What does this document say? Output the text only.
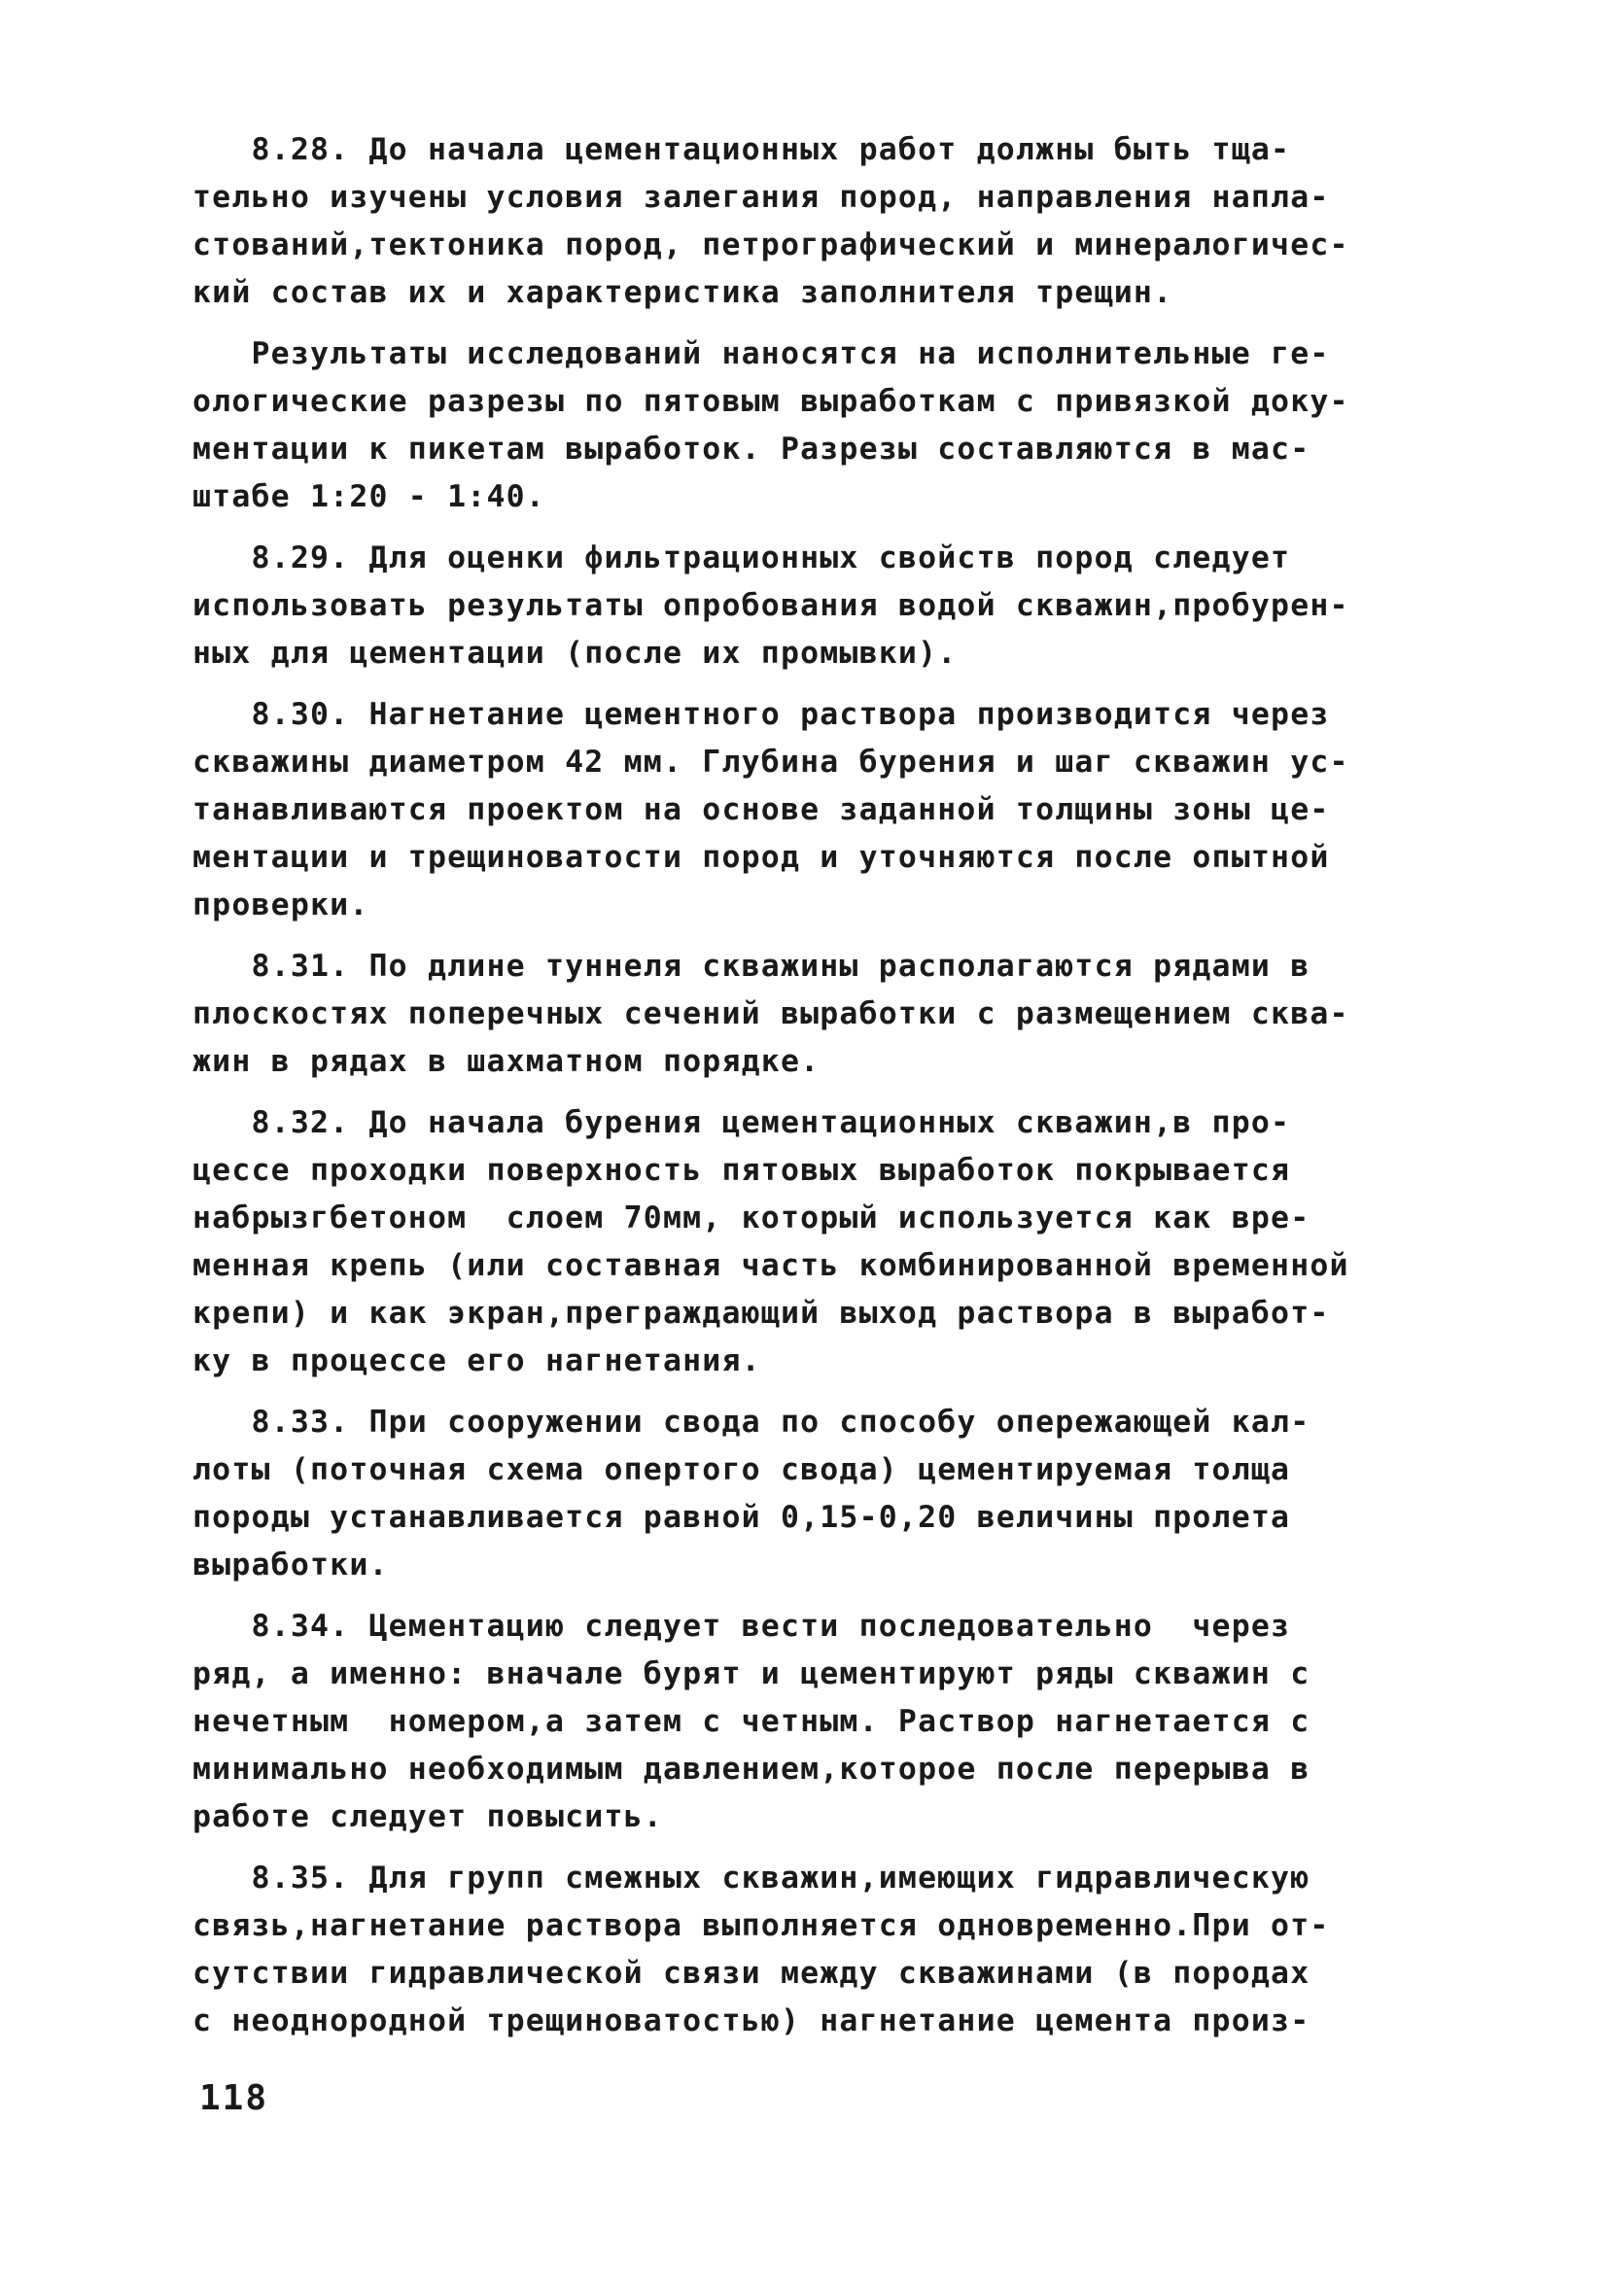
8.28. До начала цементационных работ должны быть тща-
тельно изучены условия залегания пород, направления напла-
стований,тектоника пород, петрографический и минералогичес-
кий состав их и характеристика заполнителя трещин.

Результаты исследований наносятся на исполнительные ге-
ологические разрезы по пятовым выработкам с привязкой доку-
ментации к пикетам выработок. Разрезы составляются в мас-
штабе 1:20 - 1:40.

8.29. Для оценки фильтрационных свойств пород следует
использовать результаты опробования водой скважин,пробурен-
ных для цементации (после их промывки).

8.30. Нагнетание цементного раствора производится через
скважины диаметром 42 мм. Глубина бурения и шаг скважин ус-
танавливаются проектом на основе заданной толщины зоны це-
ментации и трещиноватости пород и уточняются после опытной
проверки.

8.31. По длине туннеля скважины располагаются рядами в
плоскостях поперечных сечений выработки с размещением сква-
жин в рядах в шахматном порядке.

8.32. До начала бурения цементационных скважин,в про-
цессе проходки поверхность пятовых выработок покрывается
набрызгбетоном  слоем 70мм, который используется как вре-
менная крепь (или составная часть комбинированной временной
крепи) и как экран,преграждающий выход раствора в выработ-
ку в процессе его нагнетания.

8.33. При сооружении свода по способу опережающей кал-
лоты (поточная схема опертого свода) цементируемая толща
породы устанавливается равной 0,15-0,20 величины пролета
выработки.

8.34. Цементацию следует вести последовательно  через
ряд, а именно: вначале бурят и цементируют ряды скважин с
нечетным  номером,а затем с четным. Раствор нагнетается с
минимально необходимым давлением,которое после перерыва в
работе следует повысить.

8.35. Для групп смежных скважин,имеющих гидравлическую
связь,нагнетание раствора выполняется одновременно.При от-
сутствии гидравлической связи между скважинами (в породах
с неоднородной трещиноватостью) нагнетание цемента произ-

118
